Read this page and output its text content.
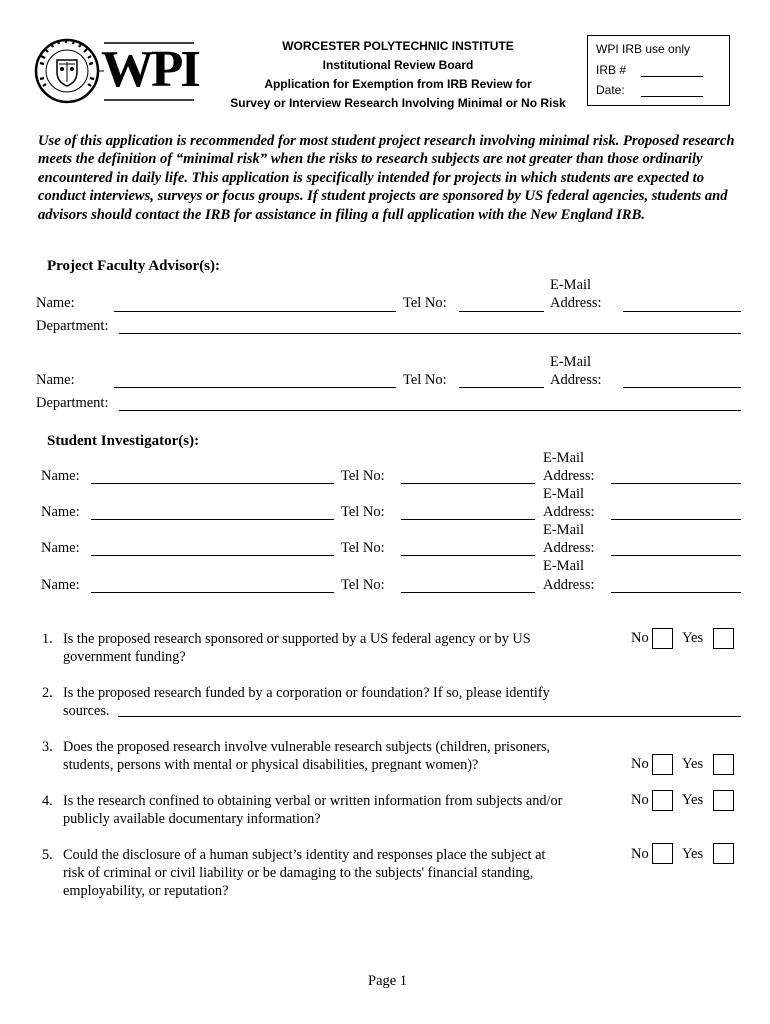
WPI	WORCESTER POLYTECHNIC INSTITUTE
Institutional Review Board
Application for Exemption from IRB Review for
Survey or Interview Research Involving Minimal or No Risk
WPI IRB use only
IRB #
Date:
Use of this application is recommended for most student project research involving minimal risk. Proposed research meets the definition of “minimal risk” when the risks to research subjects are not greater than those ordinarily encountered in daily life. This application is specifically intended for projects in which students are expected to conduct interviews, surveys or focus groups. If student projects are sponsored by US federal agencies, students and advisors should contact the IRB for assistance in filing a full application with the New England IRB.
Project Faculty Advisor(s):
E-Mail
Name:	Tel No:	Address:
Department:
E-Mail
Name:	Tel No:	Address:
Department:
Student Investigator(s):
E-Mail
Name:	Tel No:	Address:
E-Mail
Name:	Tel No:	Address:
E-Mail
Name:	Tel No:	Address:
E-Mail
Name:	Tel No:	Address:
1. Is the proposed research sponsored or supported by a US federal agency or by US
government funding?
No Yes
2. Is the proposed research funded by a corporation or foundation? If so, please identify
sources.
3. Does the proposed research involve vulnerable research subjects (children, prisoners,
students, persons with mental or physical disabilities, pregnant women)?	No Yes
4. Is the research confined to obtaining verbal or written information from subjects and/or
publicly available documentary information?
No Yes
5. Could the disclosure of a human subject’s identity and responses place the subject at
risk of criminal or civil liability or be damaging to the subjects' financial standing,
employability, or reputation?
No Yes
Page 1
